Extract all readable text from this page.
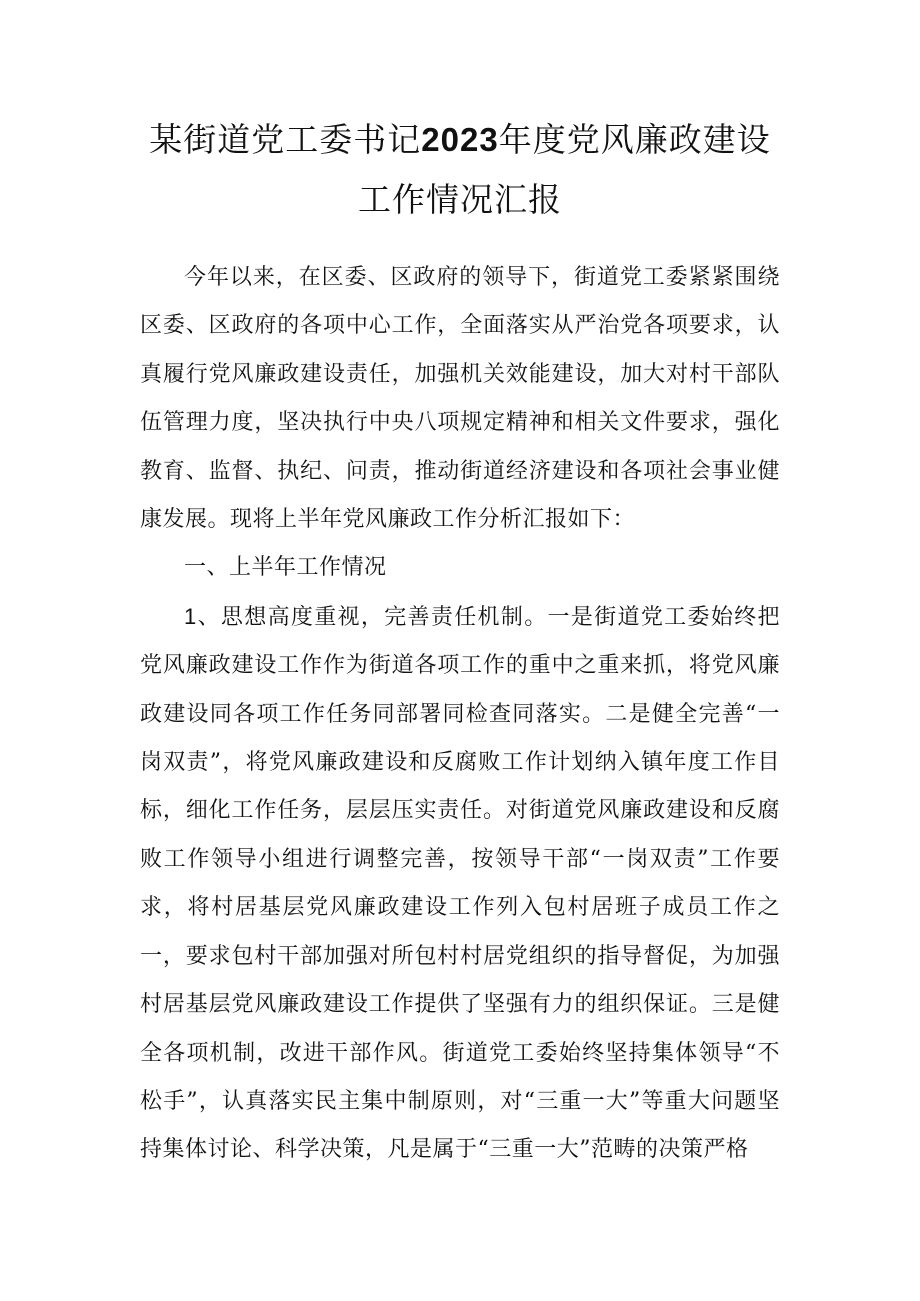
某街道党工委书记2023年度党风廉政建设
工作情况汇报

今年以来，在区委、区政府的领导下，街道党工委紧紧围绕区委、区政府的各项中心工作，全面落实从严治党各项要求，认真履行党风廉政建设责任，加强机关效能建设，加大对村干部队伍管理力度，坚决执行中央八项规定精神和相关文件要求，强化教育、监督、执纪、问责，推动街道经济建设和各项社会事业健康发展。现将上半年党风廉政工作分析汇报如下：

一、上半年工作情况

1、思想高度重视，完善责任机制。一是街道党工委始终把党风廉政建设工作作为街道各项工作的重中之重来抓，将党风廉政建设同各项工作任务同部署同检查同落实。二是健全完善“一岗双责”，将党风廉政建设和反腐败工作计划纳入镇年度工作目标，细化工作任务，层层压实责任。对街道党风廉政建设和反腐败工作领导小组进行调整完善，按领导干部“一岗双责”工作要求，将村居基层党风廉政建设工作列入包村居班子成员工作之一，要求包村干部加强对所包村村居党组织的指导督促，为加强村居基层党风廉政建设工作提供了坚强有力的组织保证。三是健全各项机制，改进干部作风。街道党工委始终坚持集体领导“不松手”，认真落实民主集中制原则，对“三重一大”等重大问题坚持集体讨论、科学决策，凡是属于“三重一大”范畴的决策严格
